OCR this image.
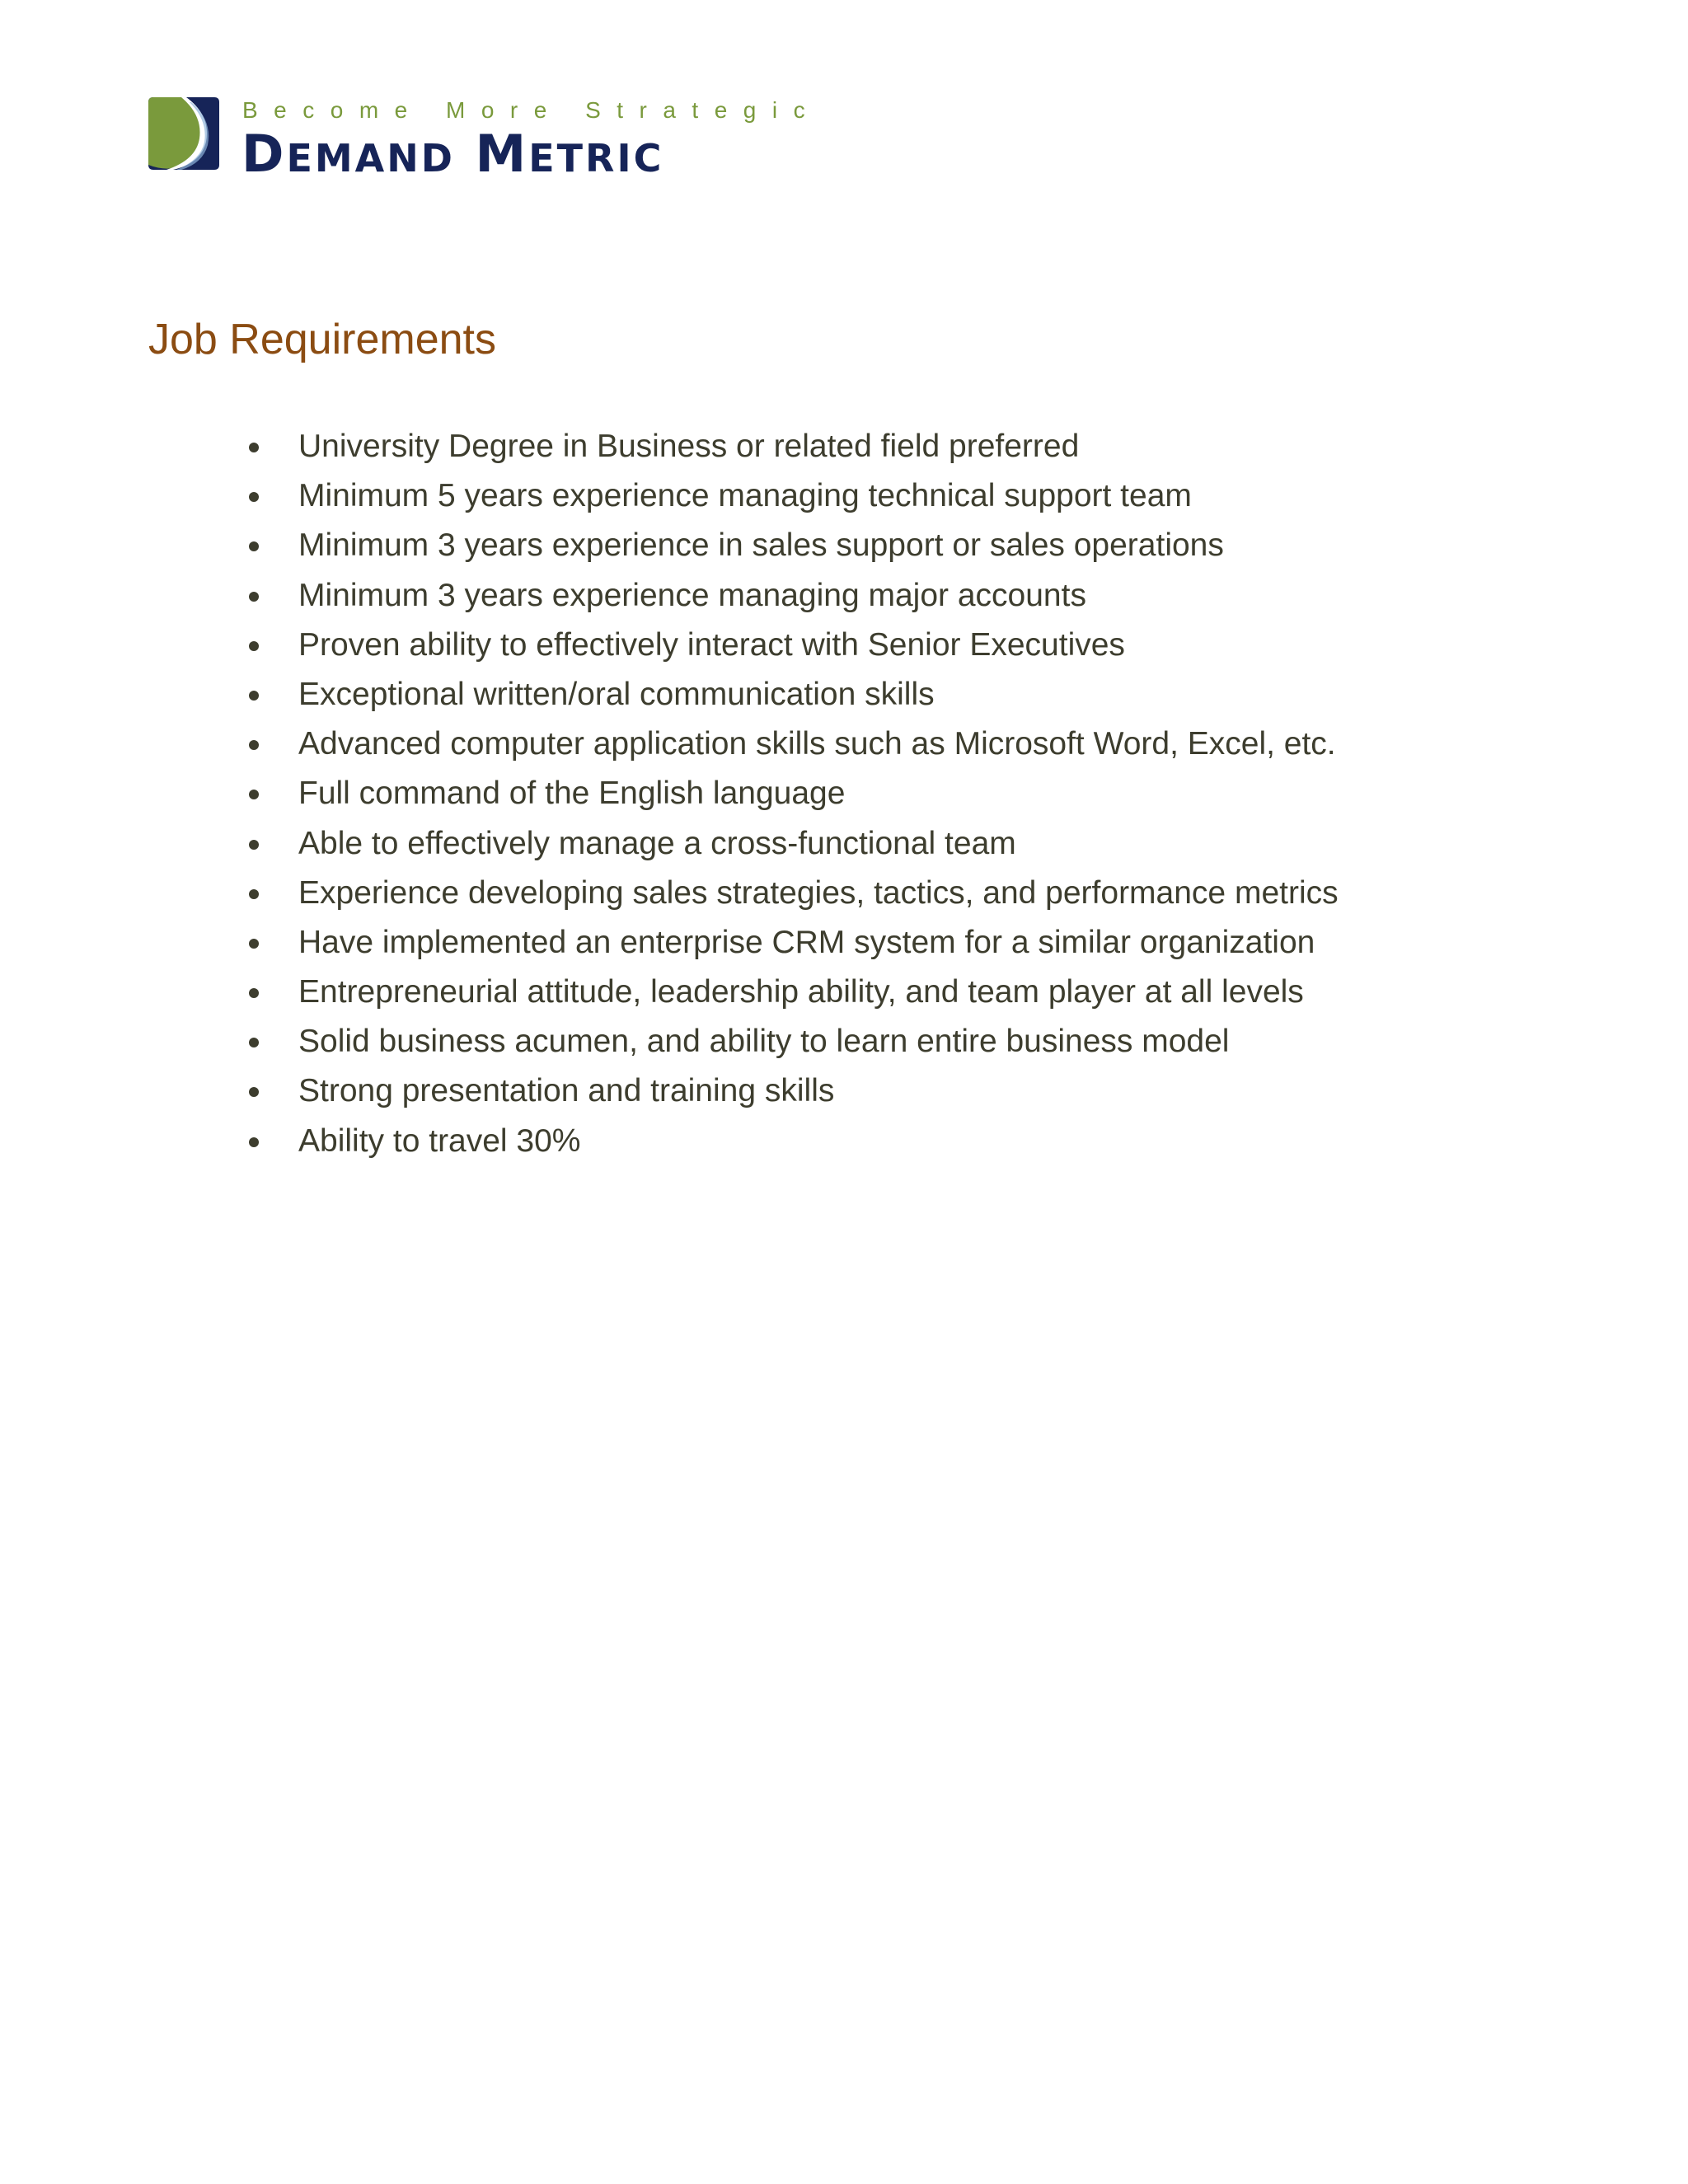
Become More Strategic
DEMAND METRIC
Job Requirements
University Degree in Business or related field preferred
Minimum 5 years experience managing technical support team
Minimum 3 years experience in sales support or sales operations
Minimum 3 years experience managing major accounts
Proven ability to effectively interact with Senior Executives
Exceptional written/oral communication skills
Advanced computer application skills such as Microsoft Word, Excel, etc.
Full command of the English language
Able to effectively manage a cross-functional team
Experience developing sales strategies, tactics, and performance metrics
Have implemented an enterprise CRM system for a similar organization
Entrepreneurial attitude, leadership ability, and team player at all levels
Solid business acumen, and ability to learn entire business model
Strong presentation and training skills
Ability to travel 30%
